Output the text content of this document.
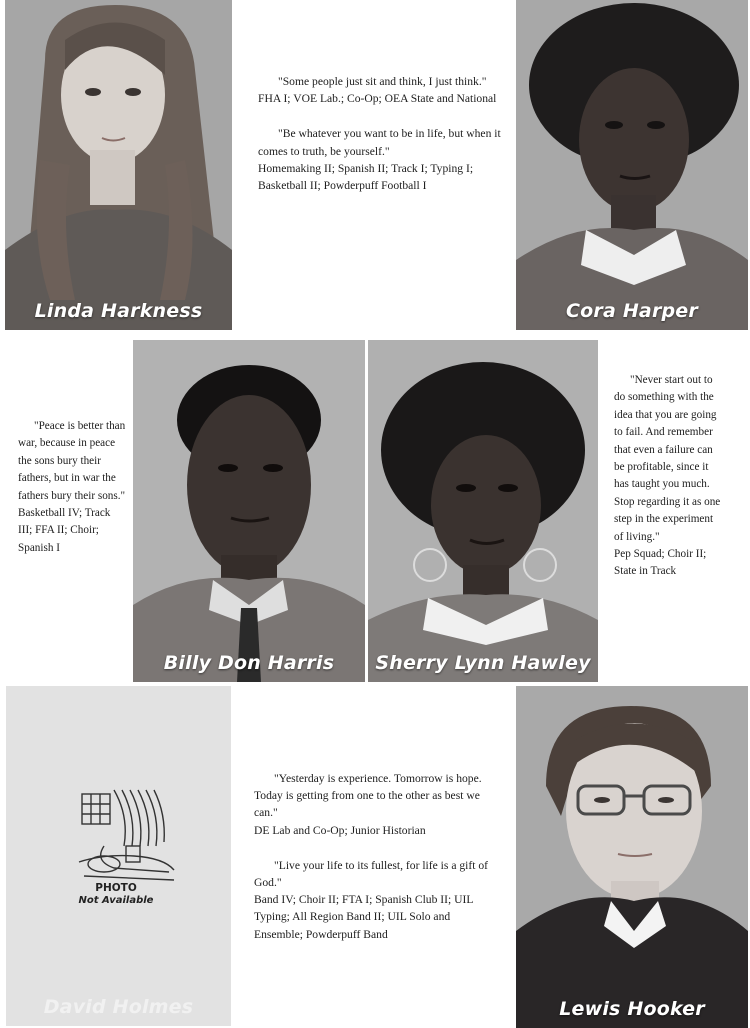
Linda Harkness

"Some people just sit and think, I just think."
FHA I; VOE Lab.; Co-Op; OEA State and National

"Be whatever you want to be in life, but when it comes to truth, be yourself."
Homemaking II; Spanish II; Track I; Typing I; Basketball II; Powderpuff Football I

Cora Harper

"Peace is better than war, because in peace the sons bury their fathers, but in war the fathers bury their sons."
Basketball IV; Track III; FFA II; Choir; Spanish I

Billy Don Harris	Sherry Lynn Hawley

"Never start out to do something with the idea that you are going to fail. And remember that even a failure can be profitable, since it has taught you much. Stop regarding it as one step in the experiment of living."
Pep Squad; Choir II; State in Track

PHOTO
Not Available
David Holmes

"Yesterday is experience. Tomorrow is hope. Today is getting from one to the other as best we can."
DE Lab and Co-Op; Junior Historian

"Live your life to its fullest, for life is a gift of God."
Band IV; Choir II; FTA I; Spanish Club II; UIL Typing; All Region Band II; UIL Solo and Ensemble; Powderpuff Band

Lewis Hooker
